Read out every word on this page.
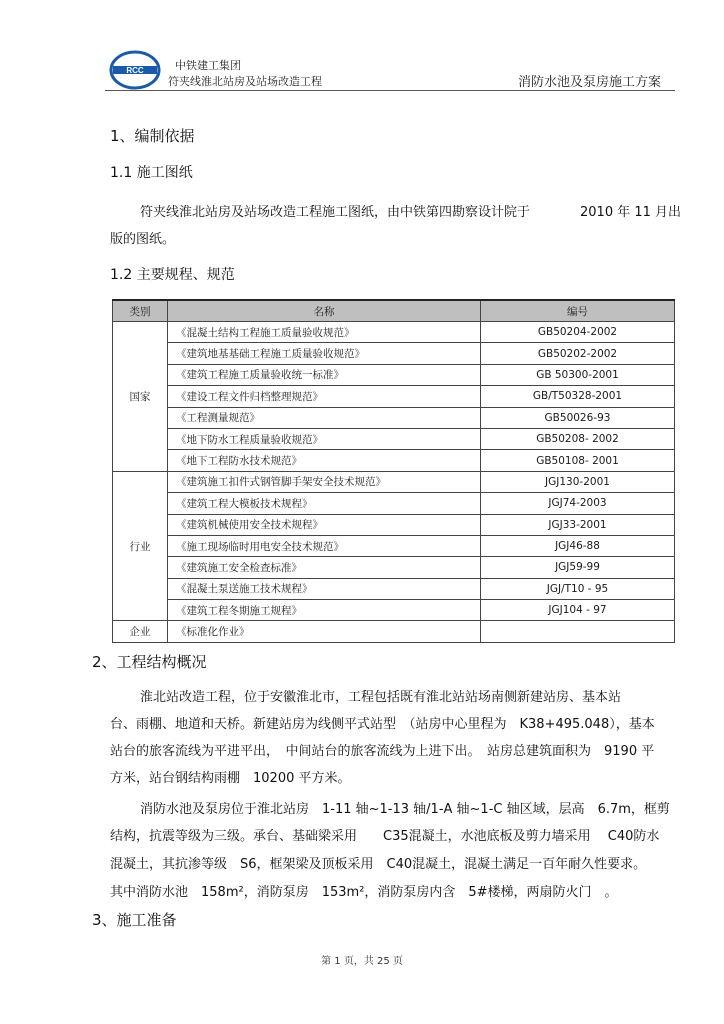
RCC	中铁建工集团
符夹线淮北站房及站场改造工程	消防水池及泵房施工方案
1、编制依据
1.1 施工图纸
符夹线淮北站房及站场改造工程施工图纸，由中铁第四勘察设计院于	2010 年 11 月出
版的图纸。
1.2 主要规程、规范
类别	名称	编号
国家	《混凝土结构工程施工质量验收规范》	GB50204-2002
	《建筑地基基础工程施工质量验收规范》	GB50202-2002
	《建筑工程施工质量验收统一标准》	GB 50300-2001
	《建设工程文件归档整理规范》	GB/T50328-2001
	《工程测量规范》	GB50026-93
	《地下防水工程质量验收规范》	GB50208- 2002
	《地下工程防水技术规范》	GB50108- 2001
行业	《建筑施工扣件式钢管脚手架安全技术规范》	JGJ130-2001
	《建筑工程大模板技术规程》	JGJ74-2003
	《建筑机械使用安全技术规程》	JGJ33-2001
	《施工现场临时用电安全技术规范》	JGJ46-88
	《建筑施工安全检查标准》	JGJ59-99
	《混凝土泵送施工技术规程》	JGJ/T10 - 95
	《建筑工程冬期施工规程》	JGJ104 - 97
企业	《标准化作业》	
2、工程结构概况
淮北站改造工程，位于安徽淮北市，工程包括既有淮北站站场南侧新建站房、基本站
台、雨棚、地道和天桥。新建站房为线侧平式站型　（站房中心里程为　K38+495.048），基本
站台的旅客流线为平进平出，　中间站台的旅客流线为上进下出。　站房总建筑面积为　9190 平
方米，站台钢结构雨棚　10200 平方米。
消防水池及泵房位于淮北站房　1-11 轴~1-13 轴/1-A 轴~1-C 轴区域，层高　6.7m，框剪
结构，抗震等级为三级。承台、基础梁采用　　C35混凝土，水池底板及剪力墙采用　 C40防水
混凝土，其抗渗等级　S6，框架梁及顶板采用　C40混凝土，混凝土满足一百年耐久性要求。
其中消防水池　158m²，消防泵房　153m²，消防泵房内含　5#楼梯，两扇防火门　。
3、施工准备
第 1 页，共 25 页
